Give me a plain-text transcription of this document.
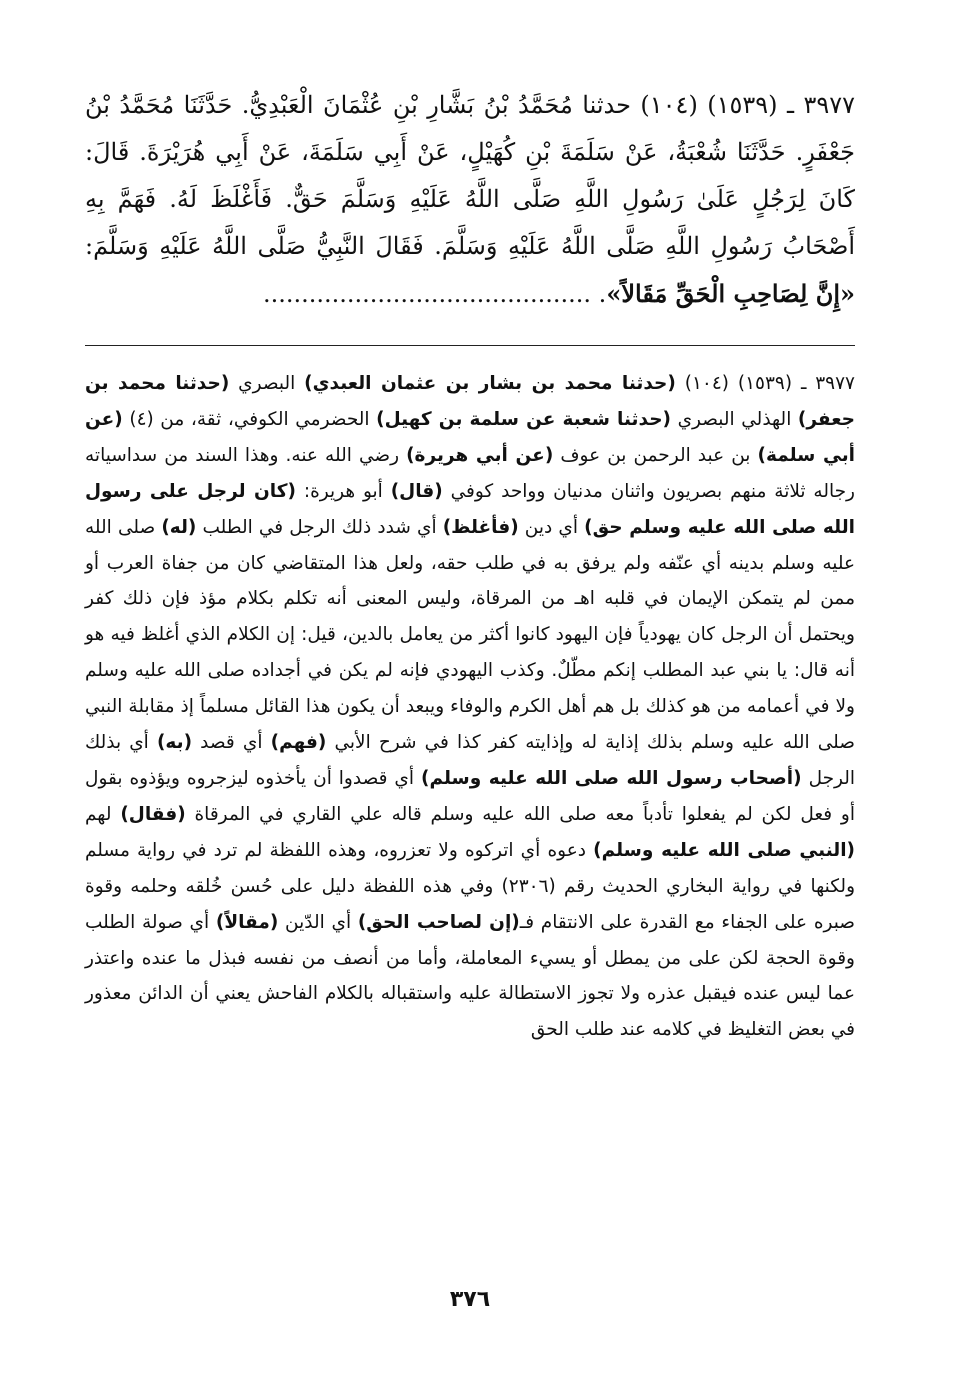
٣٩٧٧ ـ (١٥٣٩) (١٠٤) حدثنا مُحَمَّدُ بْنُ بَشَّارِ بْنِ عُثْمَانَ الْعَبْدِيُّ. حَدَّثَنَا مُحَمَّدُ بْنُ جَعْفَرٍ. حَدَّثَنَا شُعْبَةُ، عَنْ سَلَمَةَ بْنِ كُهَيْلٍ، عَنْ أَبِي سَلَمَةَ، عَنْ أَبِي هُرَيْرَةَ. قَالَ: كَانَ لِرَجُلٍ عَلَىٰ رَسُولِ اللَّهِ صَلَّى اللَّهُ عَلَيْهِ وَسَلَّمَ حَقٌّ. فَأَغْلَظَ لَهُ. فَهَمَّ بِهِ أَصْحَابُ رَسُولِ اللَّهِ صَلَّى اللَّهُ عَلَيْهِ وَسَلَّمَ. فَقَالَ النَّبِيُّ صَلَّى اللَّهُ عَلَيْهِ وَسَلَّمَ: «إِنَّ لِصَاحِبِ الْحَقِّ مَقَالاً». ...........................................

٣٩٧٧ ـ (١٥٣٩) (١٠٤) (حدثنا محمد بن بشار بن عثمان العبدي) البصري (حدثنا محمد بن جعفر) الهذلي البصري (حدثنا شعبة عن سلمة بن كهيل) الحضرمي الكوفي، ثقة، من (٤) (عن أبي سلمة) بن عبد الرحمن بن عوف (عن أبي هريرة) رضي الله عنه. وهذا السند من سداسياته رجاله ثلاثة منهم بصريون واثنان مدنيان وواحد كوفي (قال) أبو هريرة: (كان لرجل على رسول الله صلى الله عليه وسلم حق) أي دين (فأغلظ) أي شدد ذلك الرجل في الطلب (له) صلى الله عليه وسلم بدينه أي عنّفه ولم يرفق به في طلب حقه، ولعل هذا المتقاضي كان من جفاة العرب أو ممن لم يتمكن الإيمان في قلبه اهـ من المرقاة، وليس المعنى أنه تكلم بكلام مؤذ فإن ذلك كفر ويحتمل أن الرجل كان يهودياً فإن اليهود كانوا أكثر من يعامل بالدين، قيل: إن الكلام الذي أغلظ فيه هو أنه قال: يا بني عبد المطلب إنكم مطّلٌ. وكذب اليهودي فإنه لم يكن في أجداده صلى الله عليه وسلم ولا في أعمامه من هو كذلك بل هم أهل الكرم والوفاء ويبعد أن يكون هذا القائل مسلماً إذ مقابلة النبي صلى الله عليه وسلم بذلك إذاية له وإذايته كفر كذا في شرح الأبي (فهم) أي قصد (به) أي بذلك الرجل (أصحاب رسول الله صلى الله عليه وسلم) أي قصدوا أن يأخذوه ليزجروه ويؤذوه بقول أو فعل لكن لم يفعلوا تأدباً معه صلى الله عليه وسلم قاله علي القاري في المرقاة (فقال) لهم (النبي صلى الله عليه وسلم) دعوه أي اتركوه ولا تعزروه، وهذه اللفظة لم ترد في رواية مسلم ولكنها في رواية البخاري الحديث رقم (٢٣٠٦) وفي هذه اللفظة دليل على حُسن خُلقه وحلمه وقوة صبره على الجفاء مع القدرة على الانتقام فـ(إن لصاحب الحق) أي الدّين (مقالاً) أي صولة الطلب وقوة الحجة لكن على من يمطل أو يسيء المعاملة، وأما من أنصف من نفسه فبذل ما عنده واعتذر عما ليس عنده فيقبل عذره ولا تجوز الاستطالة عليه واستقباله بالكلام الفاحش يعني أن الدائن معذور في بعض التغليظ في كلامه عند طلب الحق

٣٧٦
